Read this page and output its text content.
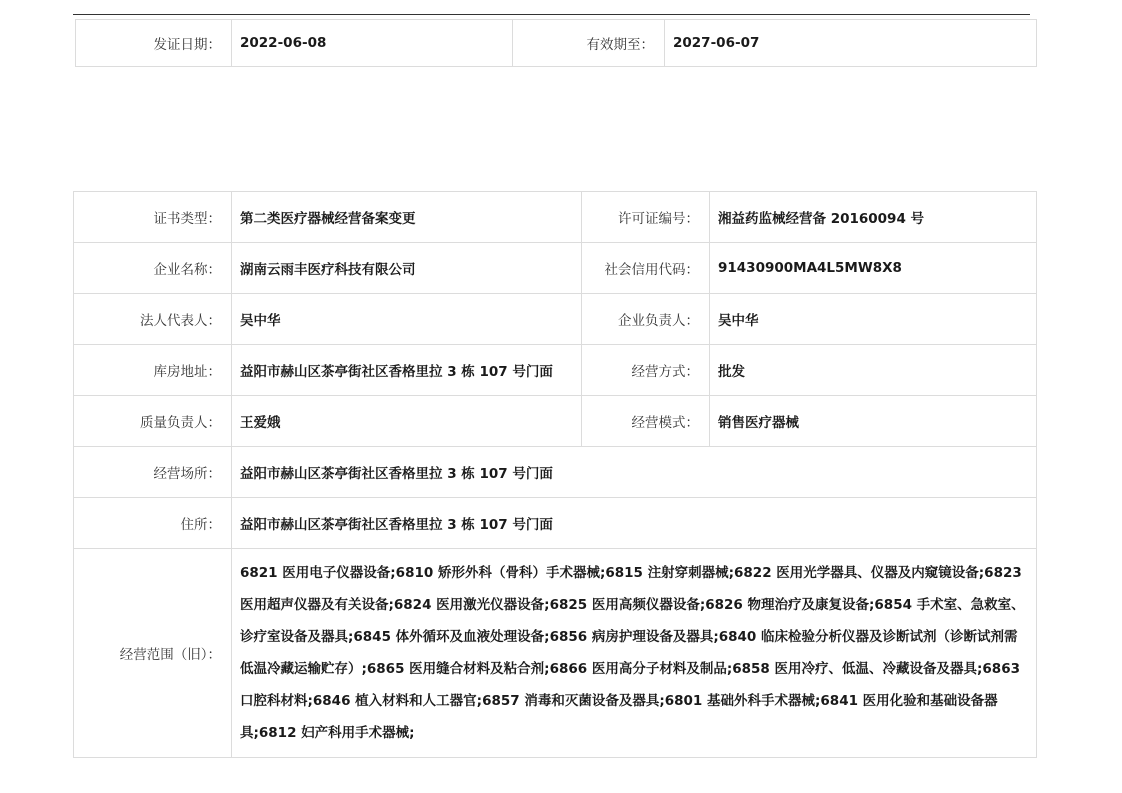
发证日期：	2022-06-08	有效期至：	2027-06-07
证书类型：	第二类医疗器械经营备案变更	许可证编号：	湘益药监械经营备 20160094 号
企业名称：	湖南云雨丰医疗科技有限公司	社会信用代码：	91430900MA4L5MW8X8
法人代表人：	吴中华	企业负责人：	吴中华
库房地址：	益阳市赫山区茶亭街社区香格里拉 3 栋 107 号门面	经营方式：	批发
质量负责人：	王爱娥	经营模式：	销售医疗器械
经营场所：	益阳市赫山区茶亭街社区香格里拉 3 栋 107 号门面		
住所：	益阳市赫山区茶亭街社区香格里拉 3 栋 107 号门面		
经营范围（旧）：	6821 医用电子仪器设备;6810 矫形外科（骨科）手术器械;6815 注射穿刺器械;6822 医用光学器具、仪器及内窥镜设备;6823 医用超声仪器及有关设备;6824 医用激光仪器设备;6825 医用高频仪器设备;6826 物理治疗及康复设备;6854 手术室、急救室、诊疗室设备及器具;6845 体外循环及血液处理设备;6856 病房护理设备及器具;6840 临床检验分析仪器及诊断试剂（诊断试剂需低温冷藏运输贮存）;6865 医用缝合材料及粘合剂;6866 医用高分子材料及制品;6858 医用冷疗、低温、冷藏设备及器具;6863 口腔科材料;6846 植入材料和人工器官;6857 消毒和灭菌设备及器具;6801 基础外科手术器械;6841 医用化验和基础设备器具;6812 妇产科用手术器械;		
